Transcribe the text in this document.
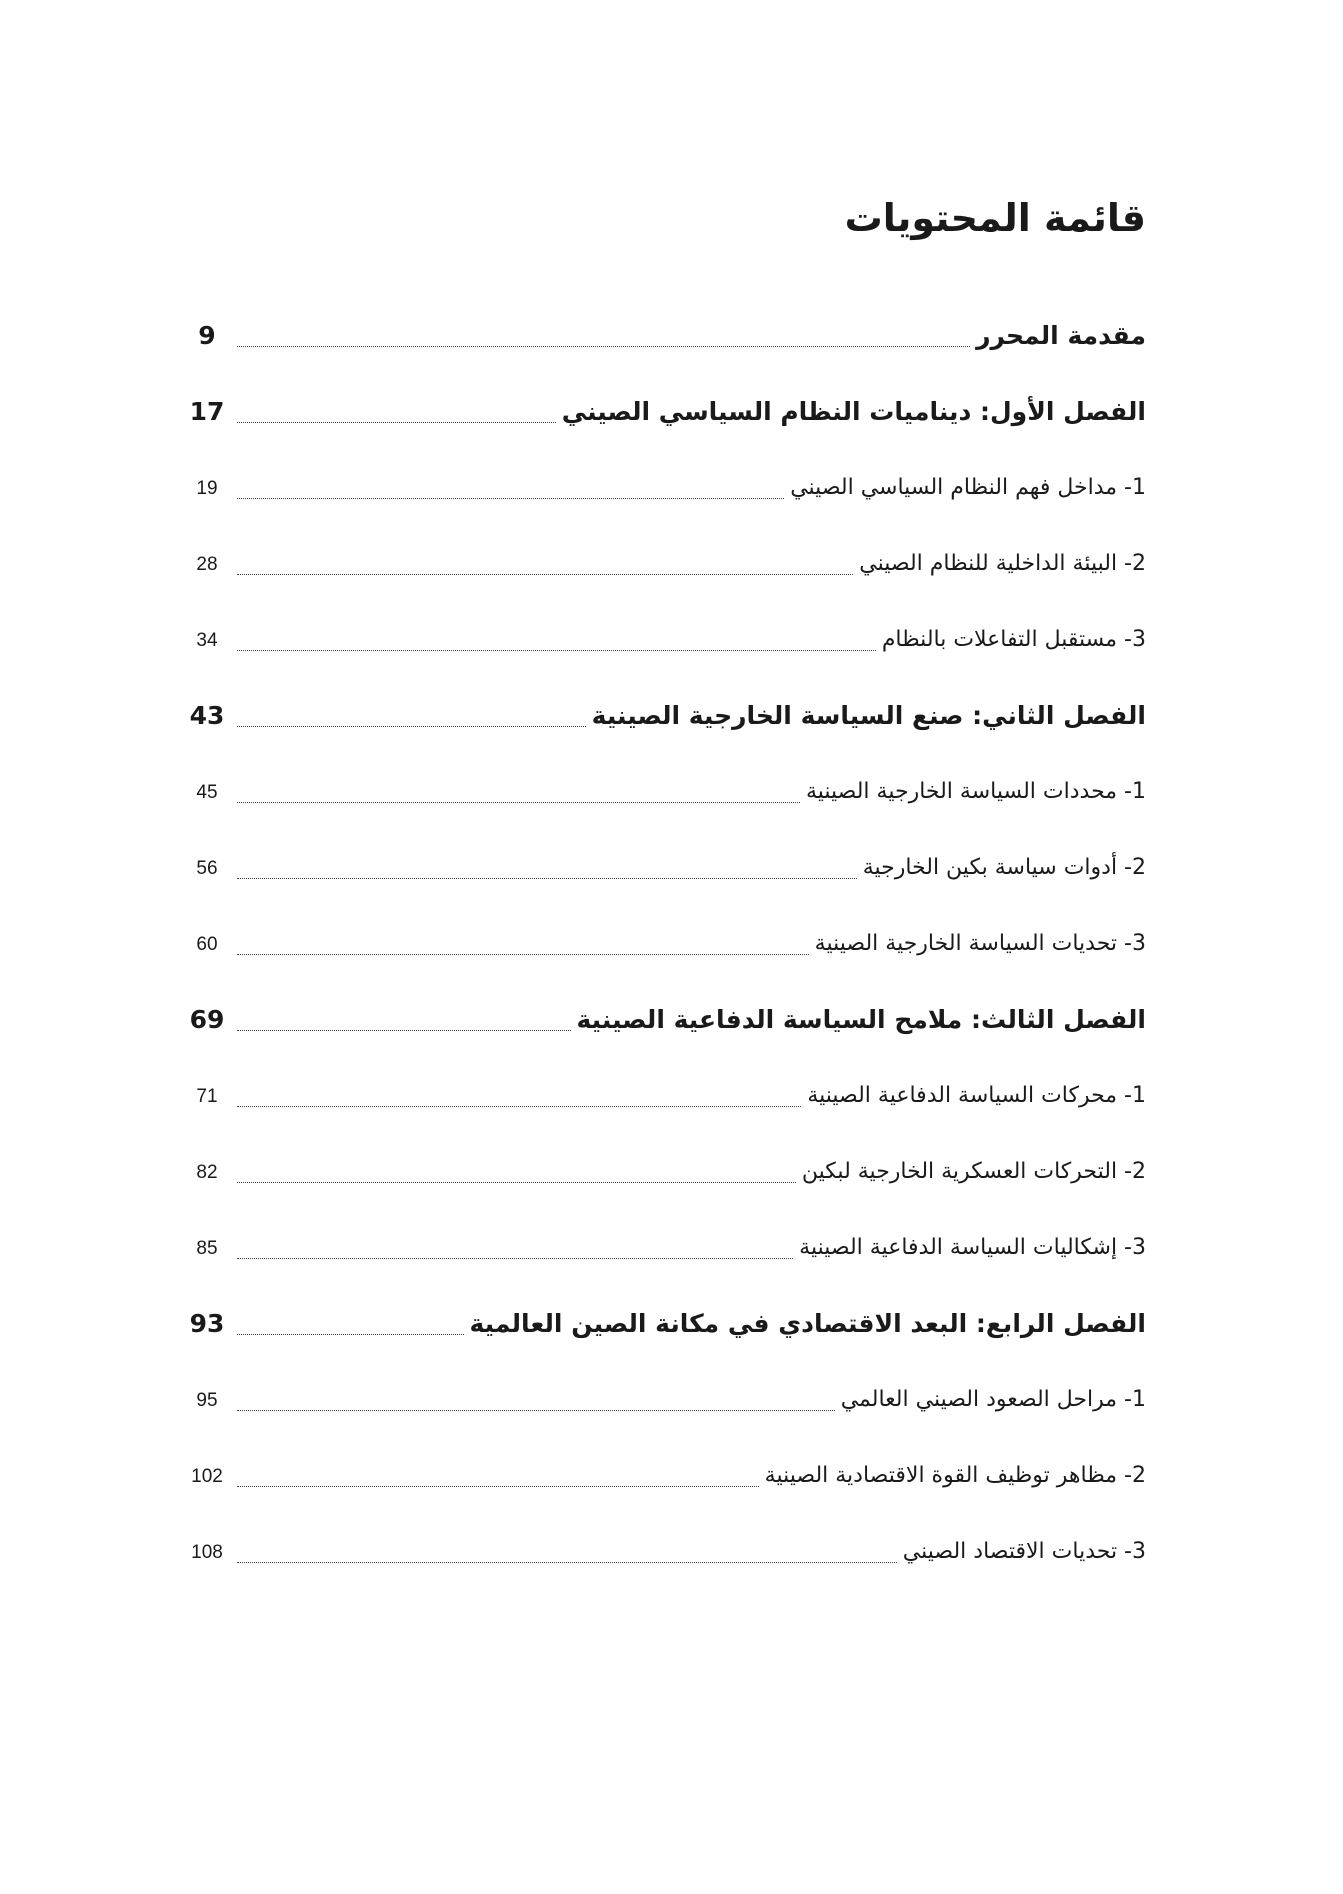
قائمة المحتويات
مقدمة المحرر
9
الفصل الأول: ديناميات النظام السياسي الصيني
17
1- مداخل فهم النظام السياسي الصيني
19
2- البيئة الداخلية للنظام الصيني
28
3- مستقبل التفاعلات بالنظام
34
الفصل الثاني: صنع السياسة الخارجية الصينية
43
1- محددات السياسة الخارجية الصينية
45
2- أدوات سياسة بكين الخارجية
56
3- تحديات السياسة الخارجية الصينية
60
الفصل الثالث: ملامح السياسة الدفاعية الصينية
69
1- محركات السياسة الدفاعية الصينية
71
2- التحركات العسكرية الخارجية لبكين
82
3- إشكاليات السياسة الدفاعية الصينية
85
الفصل الرابع: البعد الاقتصادي في مكانة الصين العالمية
93
1- مراحل الصعود الصيني العالمي
95
2- مظاهر توظيف القوة الاقتصادية الصينية
102
3- تحديات الاقتصاد الصيني
108
